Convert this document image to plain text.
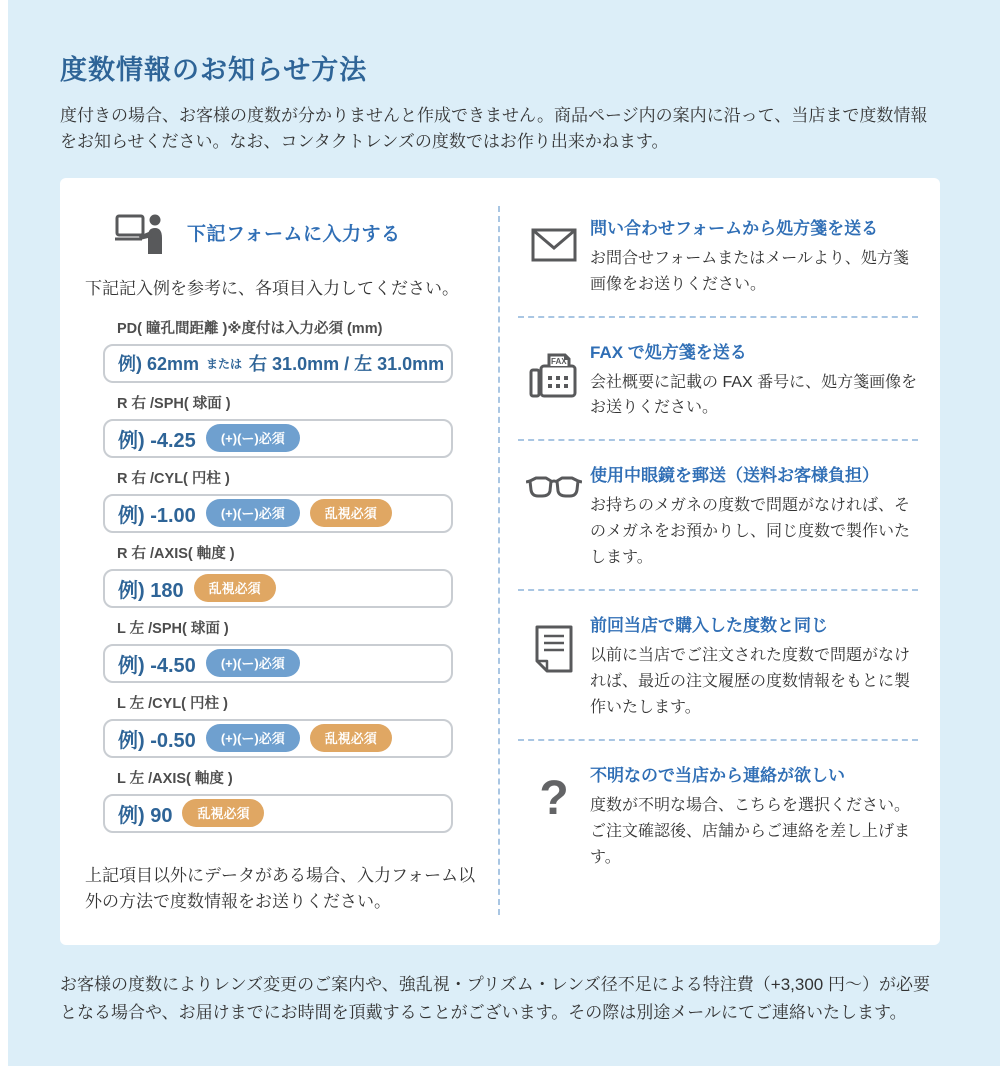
度数情報のお知らせ方法

度付きの場合、お客様の度数が分かりませんと作成できません。商品ページ内の案内に沿って、当店まで度数情報をお知らせください。なお、コンタクトレンズの度数ではお作り出来かねます。

下記フォームに入力する

下記記入例を参考に、各項目入力してください。

PD( 瞳孔間距離 )※度付は入力必須 (mm)
例) 62mm または 右 31.0mm / 左 31.0mm
R 右 /SPH( 球面 )
例) -4.25	(+)(ー)必須
R 右 /CYL( 円柱 )
例) -1.00	(+)(ー)必須	乱視必須
R 右 /AXIS( 軸度 )
例) 180	乱視必須
L 左 /SPH( 球面 )
例) -4.50	(+)(ー)必須
L 左 /CYL( 円柱 )
例) -0.50	(+)(ー)必須	乱視必須
L 左 /AXIS( 軸度 )
例) 90	乱視必須

上記項目以外にデータがある場合、入力フォーム以外の方法で度数情報をお送りください。

問い合わせフォームから処方箋を送る
お問合せフォームまたはメールより、処方箋画像をお送りください。
FAX FAX で処方箋を送る
会社概要に記載の FAX 番号に、処方箋画像をお送りください。
使用中眼鏡を郵送（送料お客様負担）
お持ちのメガネの度数で問題がなければ、そのメガネをお預かりし、同じ度数で製作いたします。
前回当店で購入した度数と同じ
以前に当店でご注文された度数で問題がなければ、最近の注文履歴の度数情報をもとに製作いたします。
? 不明なので当店から連絡が欲しい
度数が不明な場合、こちらを選択ください。ご注文確認後、店舗からご連絡を差し上げます。

お客様の度数によりレンズ変更のご案内や、強乱視・プリズム・レンズ径不足による特注費（+3,300 円〜）が必要となる場合や、お届けまでにお時間を頂戴することがございます。その際は別途メールにてご連絡いたします。
